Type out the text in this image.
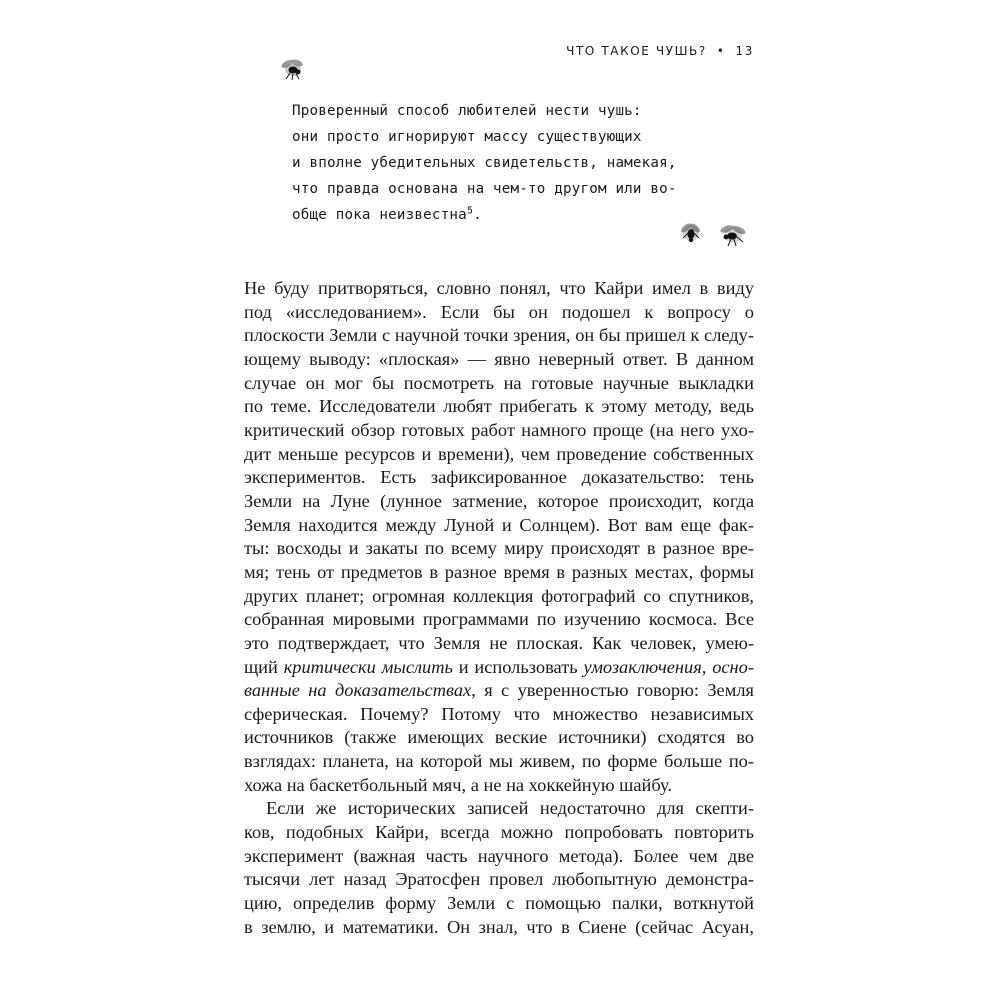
ЧТО ТАКОЕ ЧУШЬ? • 13
Проверенный способ любителей нести чушь:
они просто игнорируют массу существующих
и вполне убедительных свидетельств, намекая,
что правда основана на чем-то другом или во-
обще пока неизвестна$^5$.
Не буду притворяться, словно понял, что Кайри имел в виду
под «исследованием». Если бы он подошел к вопросу о
плоскости Земли с научной точки зрения, он бы пришел к следу-
ющему выводу: «плоская» — явно неверный ответ. В данном
случае он мог бы посмотреть на готовые научные выкладки
по теме. Исследователи любят прибегать к этому методу, ведь
критический обзор готовых работ намного проще (на него ухо-
дит меньше ресурсов и времени), чем проведение собственных
экспериментов. Есть зафиксированное доказательство: тень
Земли на Луне (лунное затмение, которое происходит, когда
Земля находится между Луной и Солнцем). Вот вам еще фак-
ты: восходы и закаты по всему миру происходят в разное вре-
мя; тень от предметов в разное время в разных местах, формы
других планет; огромная коллекция фотографий со спутников,
собранная мировыми программами по изучению космоса. Все
это подтверждает, что Земля не плоская. Как человек, умею-
щий критически мыслить и использовать умозаключения, осно-
ванные на доказательствах, я с уверенностью говорю: Земля
сферическая. Почему? Потому что множество независимых
источников (также имеющих веские источники) сходятся во
взглядах: планета, на которой мы живем, по форме больше по-
хожа на баскетбольный мяч, а не на хоккейную шайбу.
Если же исторических записей недостаточно для скепти-
ков, подобных Кайри, всегда можно попробовать повторить
эксперимент (важная часть научного метода). Более чем две
тысячи лет назад Эратосфен провел любопытную демонстра-
цию, определив форму Земли с помощью палки, воткнутой
в землю, и математики. Он знал, что в Сиене (сейчас Асуан,
